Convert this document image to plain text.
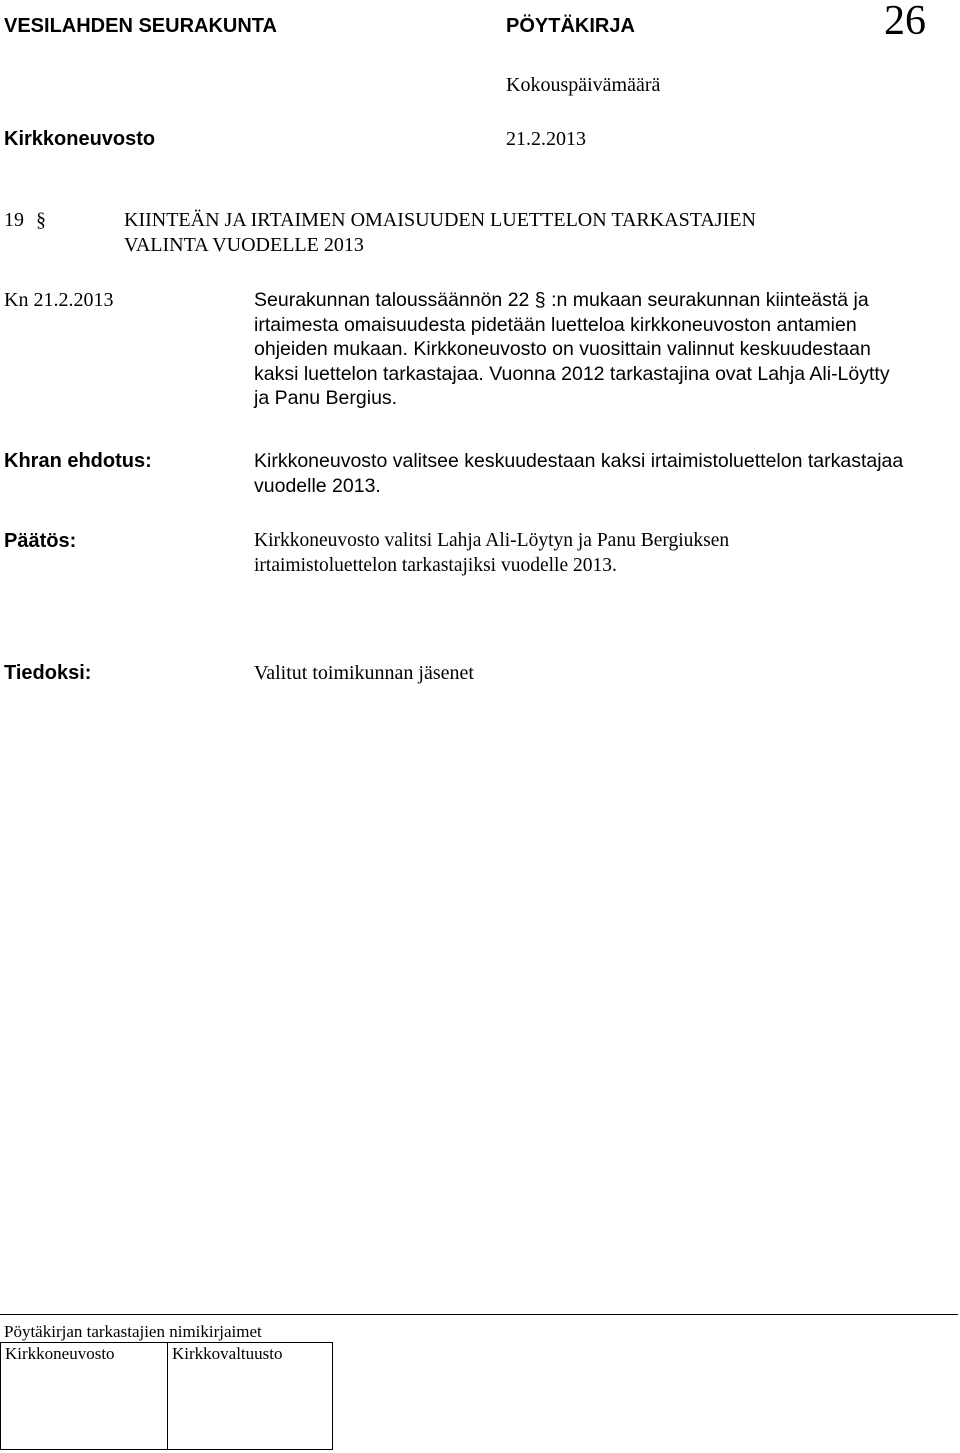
VESILAHDEN SEURAKUNTA	PÖYTÄKIRJA	26
Kokouspäivämäärä
Kirkkoneuvosto	21.2.2013
19 §	KIINTEÄN JA IRTAIMEN OMAISUUDEN LUETTELON TARKASTAJIEN
VALINTA VUODELLE 2013
Kn 21.2.2013	Seurakunnan taloussäännön 22 § :n mukaan seurakunnan kiinteästä ja
irtaimesta omaisuudesta pidetään luetteloa kirkkoneuvoston antamien
ohjeiden mukaan. Kirkkoneuvosto on vuosittain valinnut keskuudestaan
kaksi luettelon tarkastajaa. Vuonna 2012 tarkastajina ovat Lahja Ali-Löytty
ja Panu Bergius.
Khran ehdotus:	Kirkkoneuvosto valitsee keskuudestaan kaksi irtaimistoluettelon tarkastajaa
vuodelle 2013.
Päätös:	Kirkkoneuvosto valitsi Lahja Ali-Löytyn ja Panu Bergiuksen
irtaimistoluettelon tarkastajiksi vuodelle 2013.
Tiedoksi:	Valitut toimikunnan jäsenet
Pöytäkirjan tarkastajien nimikirjaimet
Kirkkoneuvosto	Kirkkovaltuusto
